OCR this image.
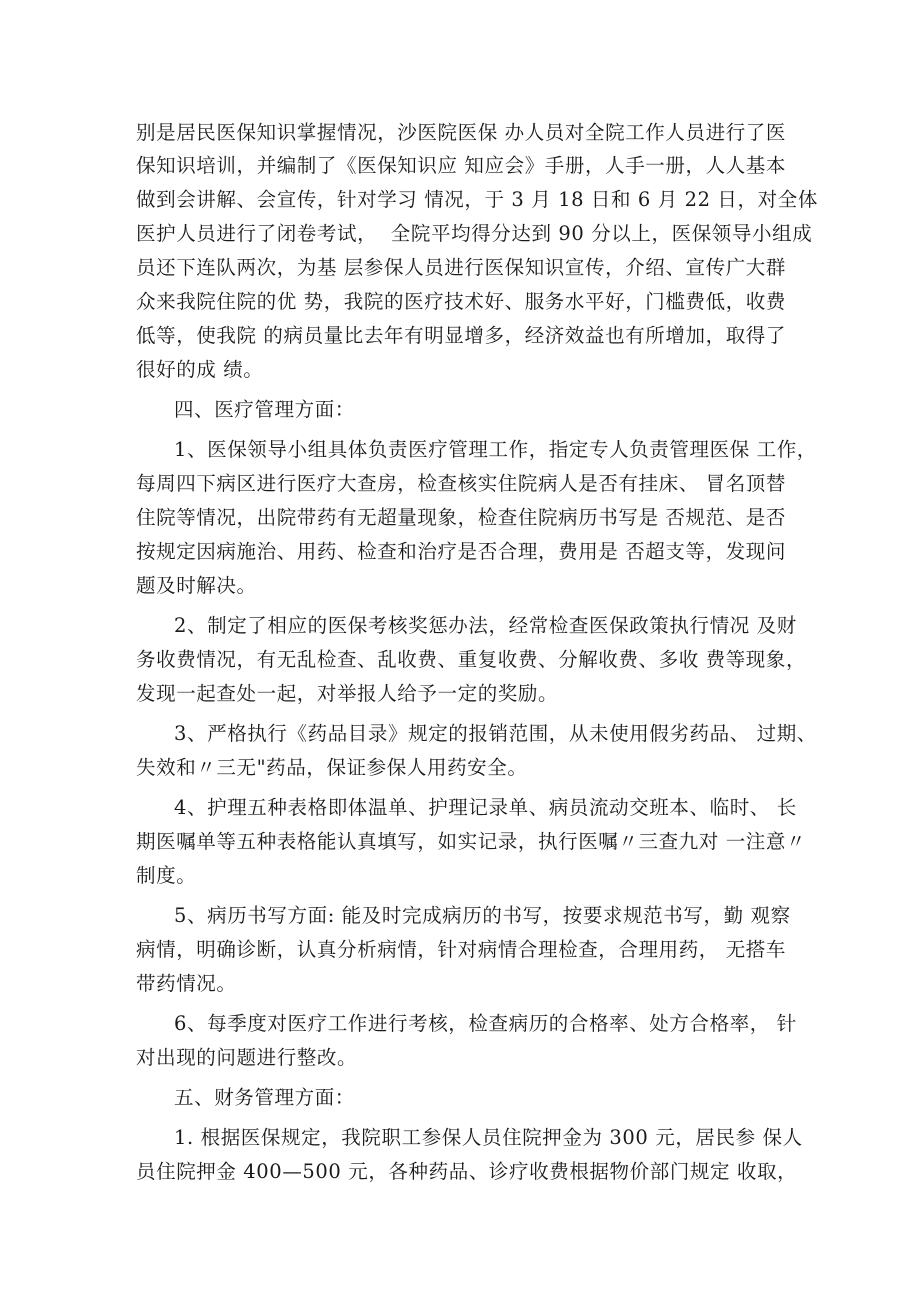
别是居民医保知识掌握情况，沙医院医保 办人员对全院工作人员进行了医
保知识培训，并编制了《医保知识应 知应会》手册，人手一册，人人基本
做到会讲解、会宣传，针对学习 情况，于 3 月 18 日和 6 月 22 日，对全体
医护人员进行了闭卷考试，  全院平均得分达到 90 分以上，医保领导小组成
员还下连队两次，为基 层参保人员进行医保知识宣传，介绍、宣传广大群
众来我院住院的优 势，我院的医疗技术好、服务水平好，门槛费低，收费
低等，使我院 的病员量比去年有明显增多，经济效益也有所增加，取得了
很好的成 绩。
四、医疗管理方面：
1、医保领导小组具体负责医疗管理工作，指定专人负责管理医保 工作，
每周四下病区进行医疗大查房，检查核实住院病人是否有挂床、 冒名顶替
住院等情况，出院带药有无超量现象，检查住院病历书写是 否规范、是否
按规定因病施治、用药、检查和治疗是否合理，费用是 否超支等，发现问
题及时解决。
2、制定了相应的医保考核奖惩办法，经常检查医保政策执行情况 及财
务收费情况，有无乱检查、乱收费、重复收费、分解收费、多收 费等现象，
发现一起查处一起，对举报人给予一定的奖励。
3、严格执行《药品目录》规定的报销范围，从未使用假劣药品、 过期、
失效和〃三无"药品，保证参保人用药安全。
4、护理五种表格即体温单、护理记录单、病员流动交班本、临时、 长
期医嘱单等五种表格能认真填写，如实记录，执行医嘱〃三查九对 一注意〃
制度。
5、病历书写方面: 能及时完成病历的书写，按要求规范书写，勤 观察
病情，明确诊断，认真分析病情，针对病情合理检查，合理用药， 无搭车
带药情况。
6、每季度对医疗工作进行考核，检查病历的合格率、处方合格率， 针
对出现的问题进行整改。
五、财务管理方面：
1. 根据医保规定，我院职工参保人员住院押金为 300 元，居民参 保人
员住院押金 400—500 元，各种药品、诊疗收费根据物价部门规定 收取，
